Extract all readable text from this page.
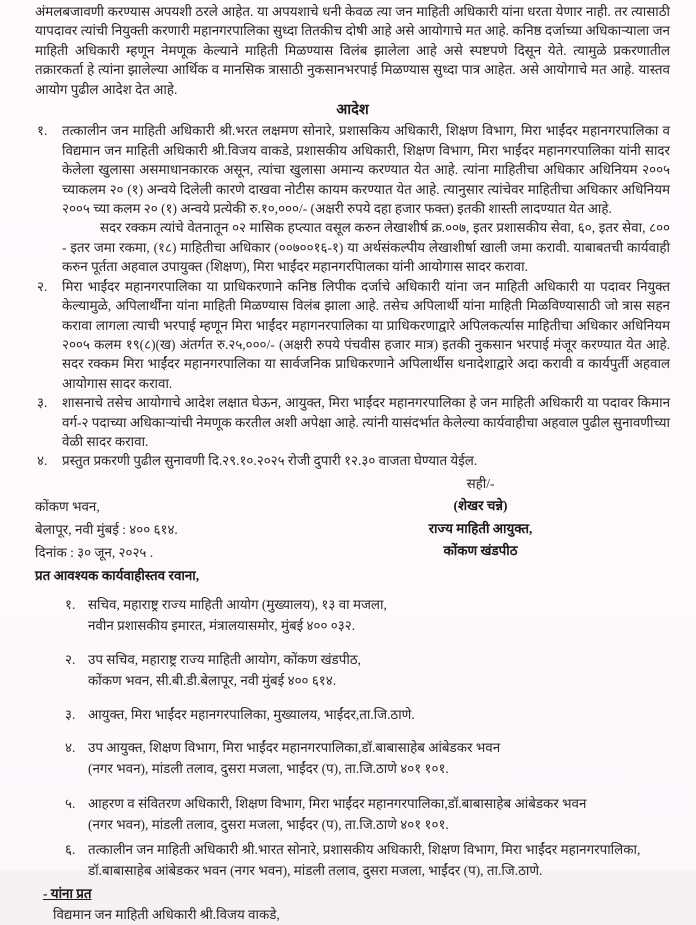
अंमलबजावणी करण्यास अपयशी ठरले आहेत. या अपयशाचे धनी केवळ त्या जन माहिती अधिकारी यांना धरता येणार नाही. तर त्यासाठी यापदावर त्यांची नियुक्ती करणारी महानगरपालिका सुध्दा तितकीच दोषी आहे असे आयोगाचे मत आहे. कनिष्ठ दर्जाच्या अधिकाऱ्याला जन माहिती अधिकारी म्हणून नेमणूक केल्याने माहिती मिळण्यास विलंब झालेला आहे असे स्पष्टपणे दिसून येते. त्यामुळे प्रकरणातील तक्रारकर्ता हे त्यांना झालेल्या आर्थिक व मानसिक त्रासाठी नुकसानभरपाई मिळण्यास सुध्दा पात्र आहेत. असे आयोगाचे मत आहे. यास्तव आयोग पुढील आदेश देत आहे.
आदेश
१.	तत्कालीन जन माहिती अधिकारी श्री.भरत लक्षमण सोनारे, प्रशासकिय अधिकारी, शिक्षण विभाग, मिरा भाईंदर महानगरपालिका व विद्यमान जन माहिती अधिकारी श्री.विजय वाकडे, प्रशासकीय अधिकारी, शिक्षण विभाग, मिरा भाईंदर महानगरपालिका यांनी सादर केलेला खुलासा असमाधानकारक असून, त्यांचा खुलासा अमान्य करण्यात येत आहे. त्यांना माहितीचा अधिकार अधिनियम २००५ च्याकलम २० (१) अन्वये दिलेली कारणे दाखवा नोटीस कायम करण्यात येत आहे. त्यानुसार त्यांचेवर माहितीचा अधिकार अधिनियम २००५ च्या कलम २० (१) अन्वये प्रत्येकी रु.१०,०००/- (अक्षरी रुपये दहा हजार फक्त) इतकी शास्ती लादण्यात येत आहे.
सदर रक्कम त्यांचे वेतनातून ०२ मासिक हप्त्यात वसूल करुन लेखाशीर्ष क्र.००७, इतर प्रशासकीय सेवा, ६०, इतर सेवा, ८०० - इतर जमा रकमा, (१८) माहितीचा अधिकार (००७००१६-१) या अर्थसंकल्पीय लेखाशीर्षा खाली जमा करावी. याबाबतची कार्यवाही करुन पूर्तता अहवाल उपायुक्त (शिक्षण), मिरा भाईंदर महानगरपिालका यांनी आयोगास सादर करावा.
२.	मिरा भाईंदर महानगरपालिका या प्राधिकरणाने कनिष्ठ लिपीक दर्जाचे अधिकारी यांना जन माहिती अधिकारी या पदावर नियुक्त केल्यामुळे, अपिलार्थींना यांना माहिती मिळण्यास विलंब झाला आहे. तसेच अपिलार्थी यांना माहिती मिळविण्यासाठी जो त्रास सहन करावा लागला त्याची भरपाई म्हणून मिरा भाईंदर महागनरपालिका या प्राधिकरणाद्वारे अपिलकर्त्यास माहितीचा अधिकार अधिनियम २००५ कलम १९(८)(ख) अंतर्गत रु.२५,०००/- (अक्षरी रुपये पंचवीस हजार मात्र) इतकी नुकसान भरपाई मंजूर करण्यात येत आहे. सदर रक्कम मिरा भाईंदर महानगरपालिका या सार्वजनिक प्राधिकरणाने अपिलार्थीस धनादेशाद्वारे अदा करावी व कार्यपुर्ती अहवाल आयोगास सादर करावा.
३.	शासनाचे तसेच आयोगाचे आदेश लक्षात घेऊन, आयुक्त, मिरा भाईंदर महानगरपालिका हे जन माहिती अधिकारी या पदावर किमान वर्ग-२ पदाच्या अधिकाऱ्यांची नेमणूक करतील अशी अपेक्षा आहे. त्यांनी यासंदर्भात केलेल्या कार्यवाहीचा अहवाल पुढील सुनावणीच्या वेळी सादर करावा.
४.	प्रस्तुत प्रकरणी पुढील सुनावणी दि.२९.१०.२०२५ रोजी दुपारी १२.३० वाजता घेण्यात येईल.
सही/-
(शेखर चन्ने)
राज्य माहिती आयुक्त,
कोंकण खंडपीठ
कोंकण भवन,
बेलापूर, नवी मुंबई : ४०० ६१४.
दिनांक : ३० जून, २०२५ .
प्रत आवश्यक कार्यवाहीस्तव रवाना,
१. सचिव, महाराष्ट्र राज्य माहिती आयोग (मुख्यालय), १३ वा मजला,
नवीन प्रशासकीय इमारत, मंत्रालयासमोर, मुंबई ४०० ०३२.
२. उप सचिव, महाराष्ट्र राज्य माहिती आयोग, कोंकण खंडपीठ,
कोंकण भवन, सी.बी.डी.बेलापूर, नवी मुंबई ४०० ६१४.
३. आयुक्त, मिरा भाईंदर महानगरपालिका, मुख्यालय, भाईंदर,ता.जि.ठाणे.
४. उप आयुक्त, शिक्षण विभाग, मिरा भाईंदर महानगरपालिका,डॉ.बाबासाहेब आंबेडकर भवन
(नगर भवन), मांडली तलाव, दुसरा मजला, भाईंदर (प), ता.जि.ठाणे ४०१ १०१.
५. आहरण व संवितरण अधिकारी, शिक्षण विभाग, मिरा भाईंदर महानगरपालिका,डॉ.बाबासाहेब आंबेडकर भवन
(नगर भवन), मांडली तलाव, दुसरा मजला, भाईंदर (प), ता.जि.ठाणे ४०१ १०१.
६. तत्कालीन जन माहिती अधिकारी श्री.भारत सोनारे, प्रशासकीय अधिकारी, शिक्षण विभाग, मिरा भाईंदर महानगरपालिका,
डॉ.बाबासाहेब आंबेडकर भवन (नगर भवन), मांडली तलाव, दुसरा मजला, भाईंदर (प), ता.जि.ठाणे.
- यांना प्रत
विद्यमान जन माहिती अधिकारी श्री.विजय वाकडे,
